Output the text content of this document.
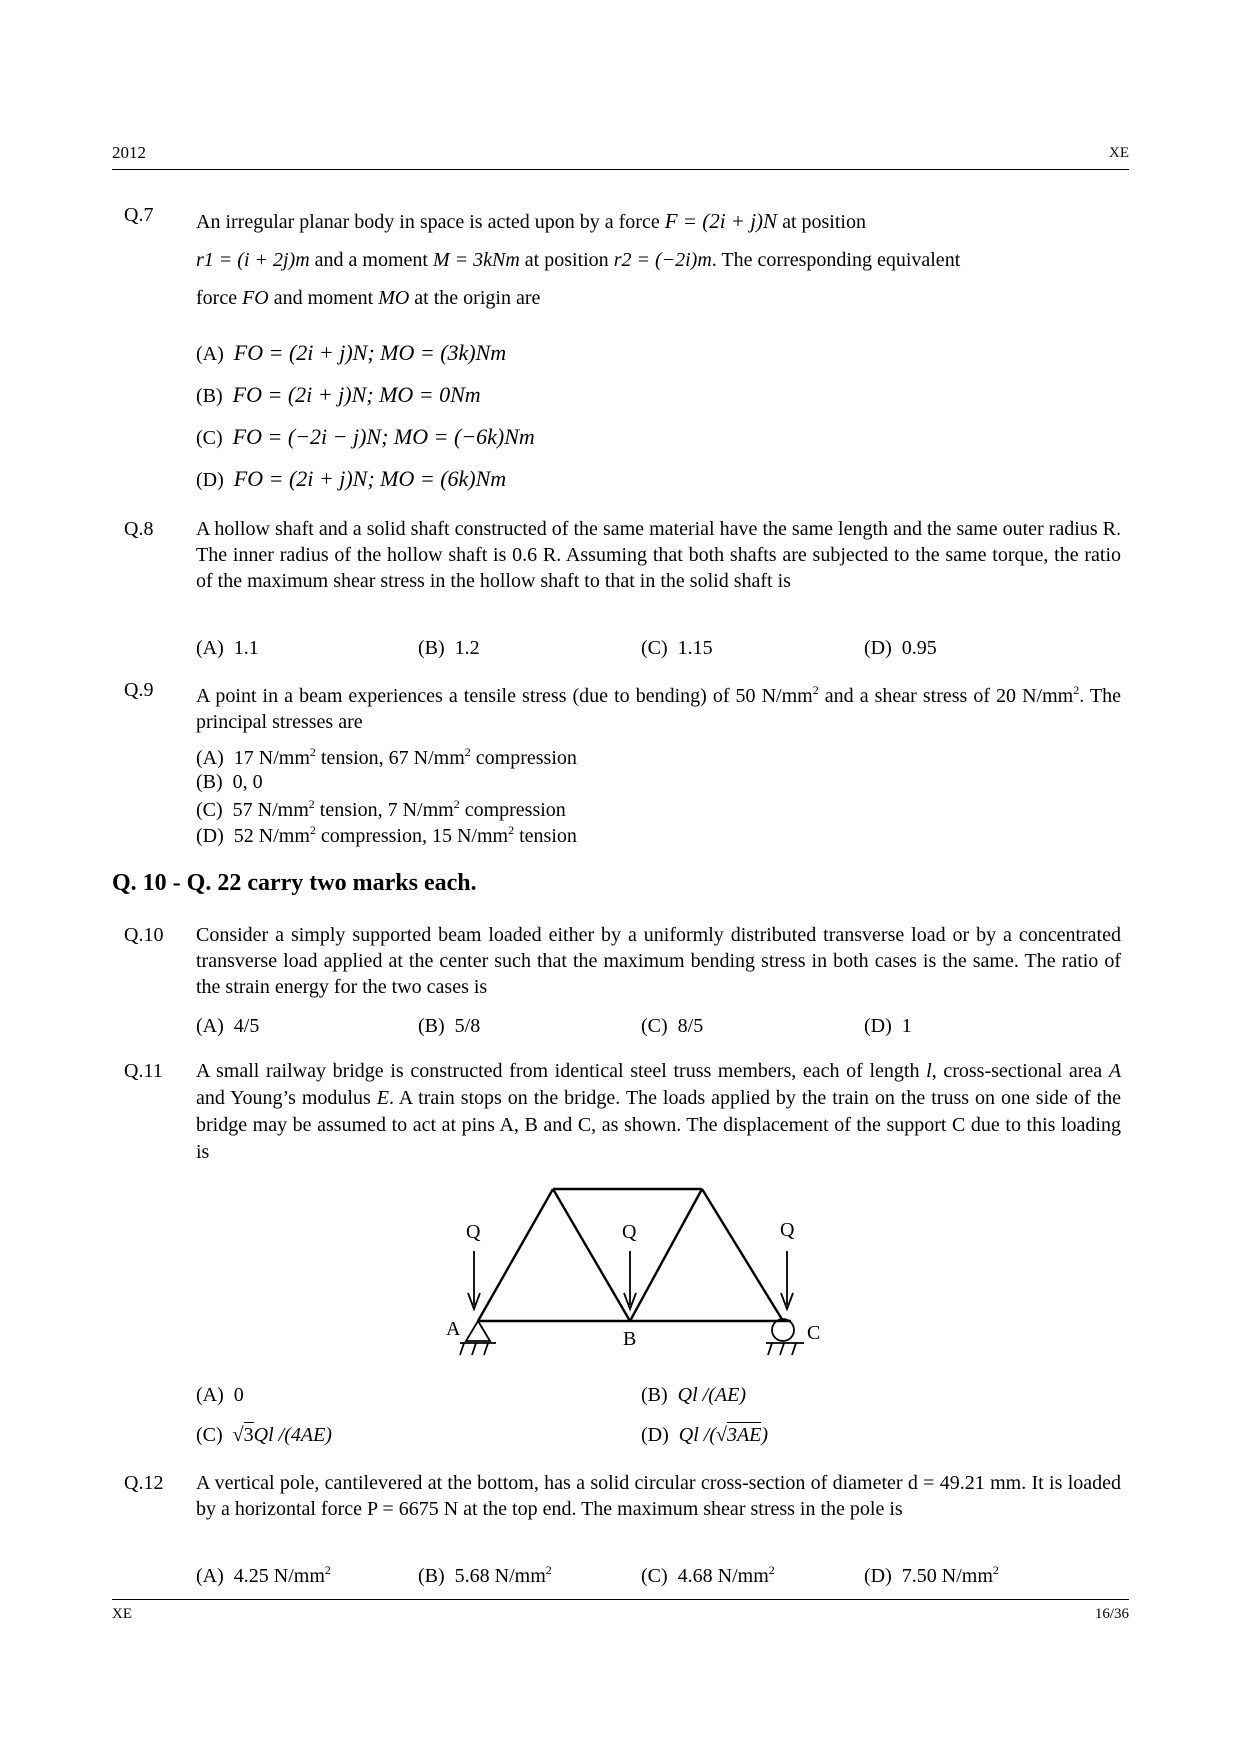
2012	XE
Q.7	An irregular planar body in space is acted upon by a force F = (2i + j)N at position
r1 = (i + 2j)m and a moment M = 3kNm at position r2 = (−2i)m. The corresponding equivalent
force FO and moment MO at the origin are
(A) FO = (2i + j)N; MO = (3k)Nm
(B) FO = (2i + j)N; MO = 0Nm
(C) FO = (−2i − j)N; MO = (−6k)Nm
(D) FO = (2i + j)N; MO = (6k)Nm
Q.8	A hollow shaft and a solid shaft constructed of the same material have the same length and the same outer radius R. The inner radius of the hollow shaft is 0.6 R. Assuming that both shafts are subjected to the same torque, the ratio of the maximum shear stress in the hollow shaft to that in the solid shaft is
(A) 1.1	(B) 1.2	(C) 1.15	(D) 0.95
Q.9	A point in a beam experiences a tensile stress (due to bending) of 50 $N/mm^2$ and a shear stress of 20 $N/mm^2$. The principal stresses are
(A) 17 $N/mm^2$ tension, 67 $N/mm^2$ compression
(B) 0, 0
(C) 57 $N/mm^2$ tension, 7 $N/mm^2$ compression
(D) 52 $N/mm^2$ compression, 15 $N/mm^2$ tension
Q. 10 - Q. 22 carry two marks each.
Q.10	Consider a simply supported beam loaded either by a uniformly distributed transverse load or by a concentrated transverse load applied at the center such that the maximum bending stress in both cases is the same. The ratio of the strain energy for the two cases is
(A) 4/5	(B) 5/8	(C) 8/5	(D) 1
Q.11	A small railway bridge is constructed from identical steel truss members, each of length l, cross-sectional area A and Young’s modulus E. A train stops on the bridge. The loads applied by the train on the truss on one side of the bridge may be assumed to act at pins A, B and C, as shown. The displacement of the support C due to this loading is
Q	Q	Q
A	B	C
(A) 0	(B) Ql /(AE)
(C) √3Ql /(4AE)	(D) Ql /(√3AE)
Q.12	A vertical pole, cantilevered at the bottom, has a solid circular cross-section of diameter d = 49.21 mm. It is loaded by a horizontal force P = 6675 N at the top end. The maximum shear stress in the pole is
(A) 4.25 $N/mm^2$	(B) 5.68 $N/mm^2$	(C) 4.68 $N/mm^2$	(D) 7.50 $N/mm^2$
XE	16/36
